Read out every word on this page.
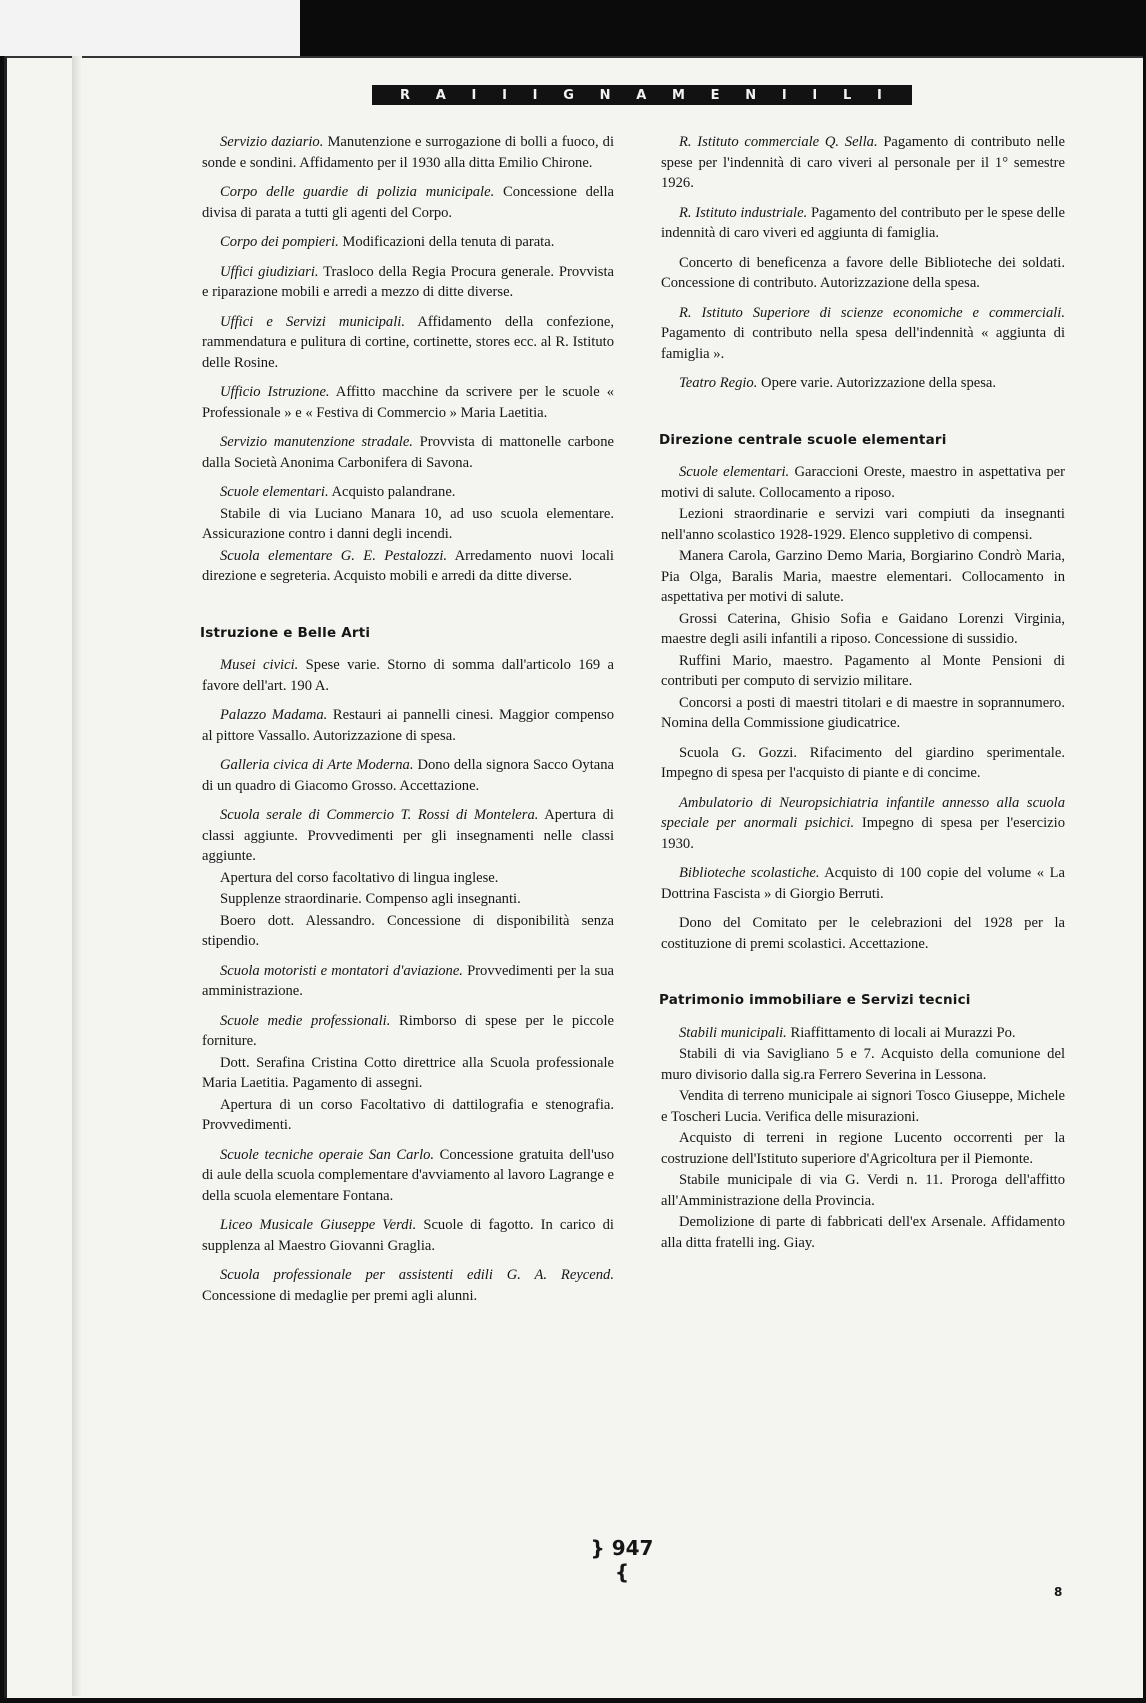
R A I I I G N A M E N I I L I

Servizio daziario. Manutenzione e surrogazione di bolli a fuoco, di sonde e sondini. Affidamento per il 1930 alla ditta Emilio Chirone.

Corpo delle guardie di polizia municipale. Concessione della divisa di parata a tutti gli agenti del Corpo.

Corpo dei pompieri. Modificazioni della tenuta di parata.

Uffici giudiziari. Trasloco della Regia Procura generale. Provvista e riparazione mobili e arredi a mezzo di ditte diverse.

Uffici e Servizi municipali. Affidamento della confezione, rammendatura e pulitura di cortine, cortinette, stores ecc. al R. Istituto delle Rosine.

Ufficio Istruzione. Affitto macchine da scrivere per le scuole « Professionale » e « Festiva di Commercio » Maria Laetitia.

Servizio manutenzione stradale. Provvista di mattonelle carbone dalla Società Anonima Carbonifera di Savona.

Scuole elementari. Acquisto palandrane.

Stabile di via Luciano Manara 10, ad uso scuola elementare. Assicurazione contro i danni degli incendi.

Scuola elementare G. E. Pestalozzi. Arredamento nuovi locali direzione e segreteria. Acquisto mobili e arredi da ditte diverse.

Istruzione e Belle Arti

Musei civici. Spese varie. Storno di somma dall'articolo 169 a favore dell'art. 190 A.

Palazzo Madama. Restauri ai pannelli cinesi. Maggior compenso al pittore Vassallo. Autorizzazione di spesa.

Galleria civica di Arte Moderna. Dono della signora Sacco Oytana di un quadro di Giacomo Grosso. Accettazione.

Scuola serale di Commercio T. Rossi di Montelera. Apertura di classi aggiunte. Provvedimenti per gli insegnamenti nelle classi aggiunte.

Apertura del corso facoltativo di lingua inglese.

Supplenze straordinarie. Compenso agli insegnanti.

Boero dott. Alessandro. Concessione di disponibilità senza stipendio.

Scuola motoristi e montatori d'aviazione. Provvedimenti per la sua amministrazione.

Scuole medie professionali. Rimborso di spese per le piccole forniture.

Dott. Serafina Cristina Cotto direttrice alla Scuola professionale Maria Laetitia. Pagamento di assegni.

Apertura di un corso Facoltativo di dattilografia e stenografia. Provvedimenti.

Scuole tecniche operaie San Carlo. Concessione gratuita dell'uso di aule della scuola complementare d'avviamento al lavoro Lagrange e della scuola elementare Fontana.

Liceo Musicale Giuseppe Verdi. Scuole di fagotto. In carico di supplenza al Maestro Giovanni Graglia.

Scuola professionale per assistenti edili G. A. Reycend. Concessione di medaglie per premi agli alunni.

R. Istituto commerciale Q. Sella. Pagamento di contributo nelle spese per l'indennità di caro viveri al personale per il 1° semestre 1926.

R. Istituto industriale. Pagamento del contributo per le spese delle indennità di caro viveri ed aggiunta di famiglia.

Concerto di beneficenza a favore delle Biblioteche dei soldati. Concessione di contributo. Autorizzazione della spesa.

R. Istituto Superiore di scienze economiche e commerciali. Pagamento di contributo nella spesa dell'indennità « aggiunta di famiglia ».

Teatro Regio. Opere varie. Autorizzazione della spesa.

Direzione centrale scuole elementari

Scuole elementari. Garaccioni Oreste, maestro in aspettativa per motivi di salute. Collocamento a riposo.

Lezioni straordinarie e servizi vari compiuti da insegnanti nell'anno scolastico 1928-1929. Elenco suppletivo di compensi.

Manera Carola, Garzino Demo Maria, Borgiarino Condrò Maria, Pia Olga, Baralis Maria, maestre elementari. Collocamento in aspettativa per motivi di salute.

Grossi Caterina, Ghisio Sofia e Gaidano Lorenzi Virginia, maestre degli asili infantili a riposo. Concessione di sussidio.

Ruffini Mario, maestro. Pagamento al Monte Pensioni di contributi per computo di servizio militare.

Concorsi a posti di maestri titolari e di maestre in soprannumero. Nomina della Commissione giudicatrice.

Scuola G. Gozzi. Rifacimento del giardino sperimentale. Impegno di spesa per l'acquisto di piante e di concime.

Ambulatorio di Neuropsichiatria infantile annesso alla scuola speciale per anormali psichici. Impegno di spesa per l'esercizio 1930.

Biblioteche scolastiche. Acquisto di 100 copie del volume « La Dottrina Fascista » di Giorgio Berruti.

Dono del Comitato per le celebrazioni del 1928 per la costituzione di premi scolastici. Accettazione.

Patrimonio immobiliare e Servizi tecnici

Stabili municipali. Riaffittamento di locali ai Murazzi Po.

Stabili di via Savigliano 5 e 7. Acquisto della comunione del muro divisorio dalla sig.ra Ferrero Severina in Lessona.

Vendita di terreno municipale ai signori Tosco Giuseppe, Michele e Toscheri Lucia. Verifica delle misurazioni.

Acquisto di terreni in regione Lucento occorrenti per la costruzione dell'Istituto superiore d'Agricoltura per il Piemonte.

Stabile municipale di via G. Verdi n. 11. Proroga dell'affitto all'Amministrazione della Provincia.

Demolizione di parte di fabbricati dell'ex Arsenale. Affidamento alla ditta fratelli ing. Giay.

} 947 {
8
